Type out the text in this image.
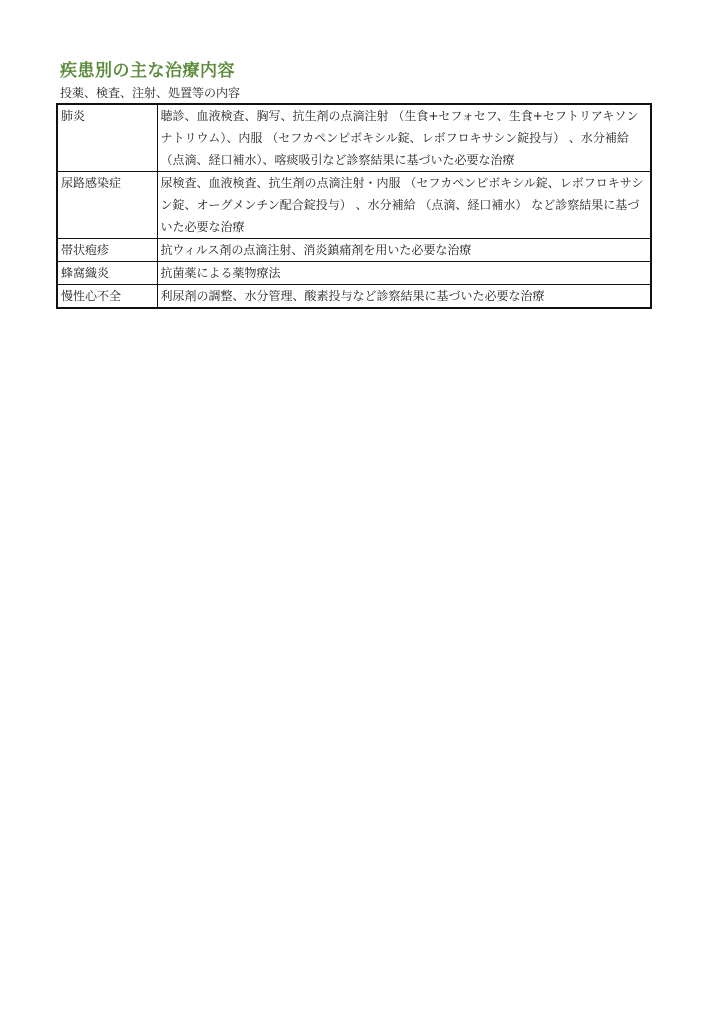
疾患別の主な治療内容
投薬、検査、注射、処置等の内容
肺炎	聴診、血液検査、胸写、抗生剤の点滴注射 （生食+セフォセフ、生食+セフトリアキソンナトリウム）、内服 （セフカペンピボキシル錠、レボフロキサシン錠投与） 、水分補給 （点滴、経口補水）、喀痰吸引など診察結果に基づいた必要な治療
尿路感染症	尿検査、血液検査、抗生剤の点滴注射・内服 （セフカペンピボキシル錠、レボフロキサシン錠、オーグメンチン配合錠投与） 、水分補給 （点滴、経口補水） など診察結果に基づいた必要な治療
帯状疱疹	抗ウィルス剤の点滴注射、消炎鎮痛剤を用いた必要な治療
蜂窩織炎	抗菌薬による薬物療法
慢性心不全	利尿剤の調整、水分管理、酸素投与など診察結果に基づいた必要な治療
